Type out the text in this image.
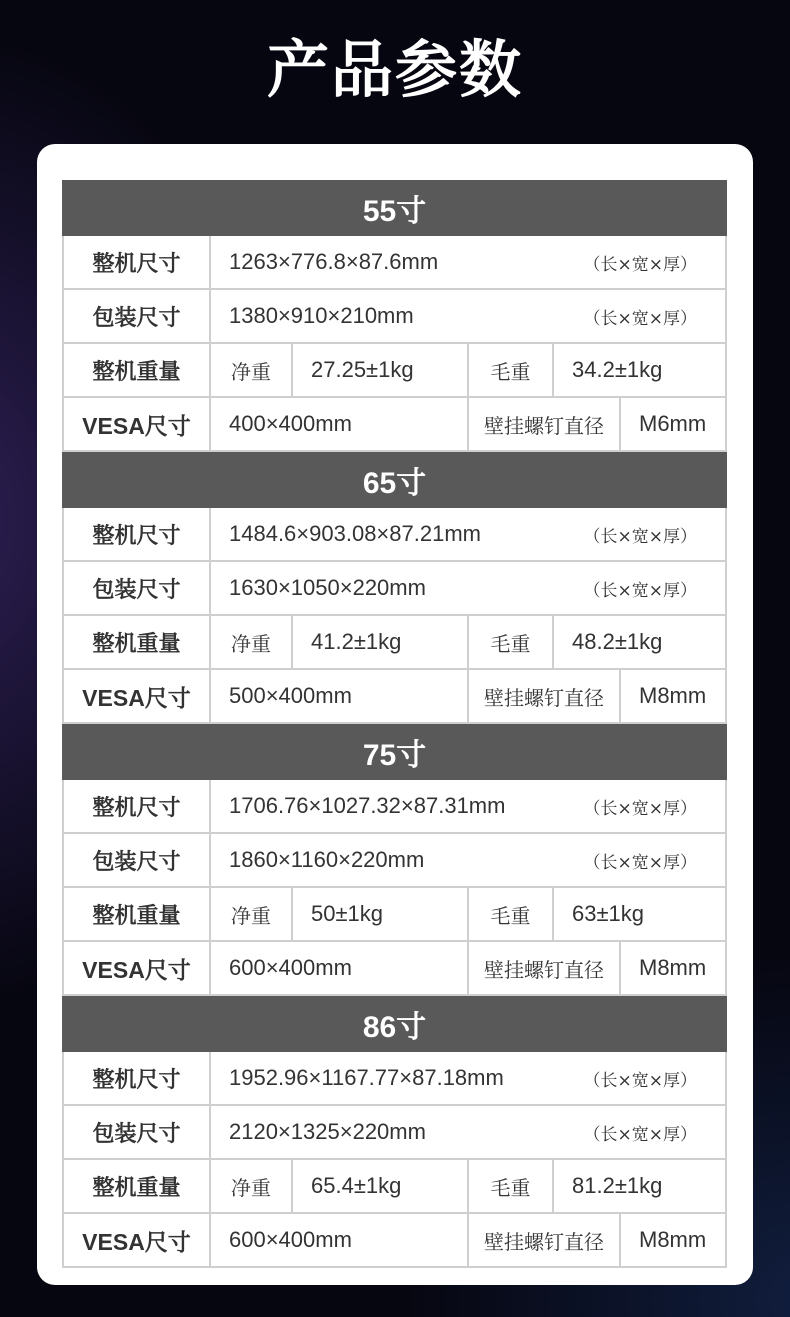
产品参数
55寸
整机尺寸	1263×776.8×87.6mm	（长×宽×厚）
包装尺寸	1380×910×210mm	（长×宽×厚）
整机重量	净重	27.25±1kg	毛重	34.2±1kg
VESA尺寸	400×400mm	壁挂螺钉直径	M6mm
65寸
整机尺寸	1484.6×903.08×87.21mm	（长×宽×厚）
包装尺寸	1630×1050×220mm	（长×宽×厚）
整机重量	净重	41.2±1kg	毛重	48.2±1kg
VESA尺寸	500×400mm	壁挂螺钉直径	M8mm
75寸
整机尺寸	1706.76×1027.32×87.31mm	（长×宽×厚）
包装尺寸	1860×1160×220mm	（长×宽×厚）
整机重量	净重	50±1kg	毛重	63±1kg
VESA尺寸	600×400mm	壁挂螺钉直径	M8mm
86寸
整机尺寸	1952.96×1167.77×87.18mm	（长×宽×厚）
包装尺寸	2120×1325×220mm	（长×宽×厚）
整机重量	净重	65.4±1kg	毛重	81.2±1kg
VESA尺寸	600×400mm	壁挂螺钉直径	M8mm
